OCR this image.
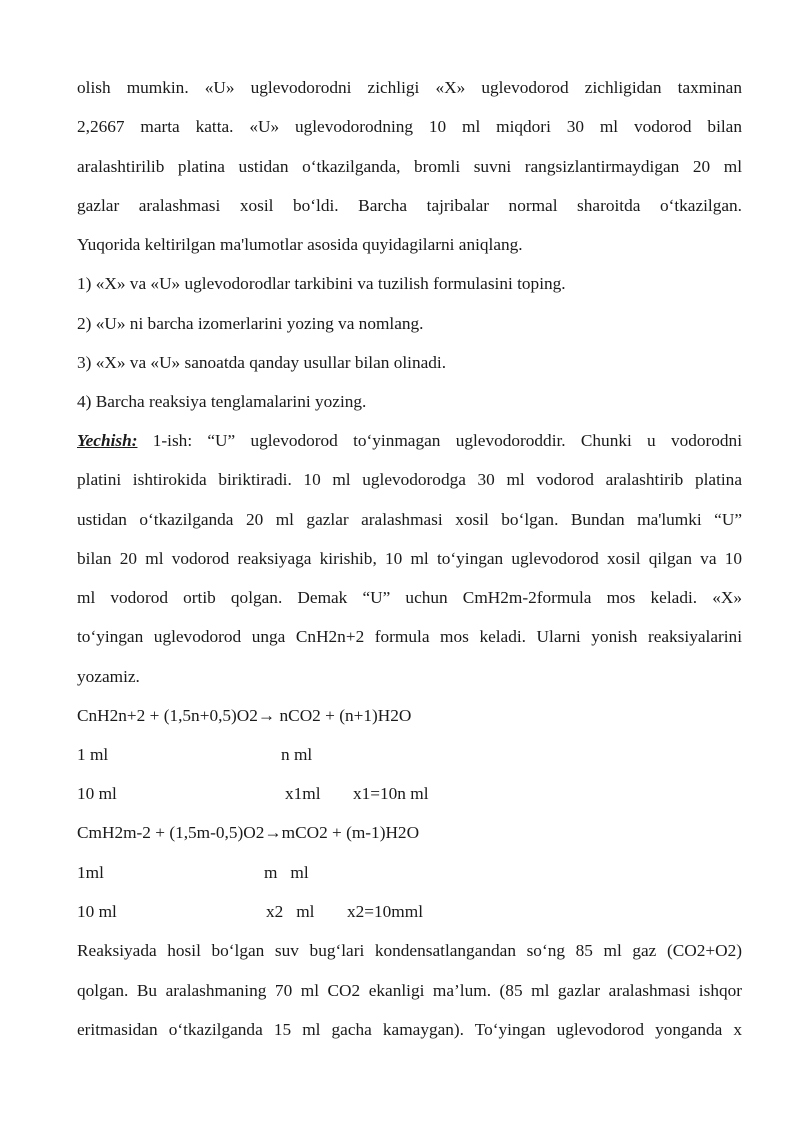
olish mumkin. «U» uglevodorodni zichligi «X» uglevodorod zichligidan taxminan
2,2667 marta katta. «U» uglevodorodning 10 ml miqdori 30 ml vodorod bilan
aralashtirilib platina ustidan o‘tkazilganda, bromli suvni rangsizlantirmaydigan 20 ml
gazlar aralashmasi xosil bo‘ldi. Barcha tajribalar normal sharoitda o‘tkazilgan.
Yuqorida keltirilgan ma'lumotlar asosida quyidagilarni aniqlang.
1) «X» va «U» uglevodorodlar tarkibini va tuzilish formulasini toping.
2) «U» ni barcha izomerlarini yozing va nomlang.
3) «X» va «U» sanoatda qanday usullar bilan olinadi.
4) Barcha reaksiya tenglamalarini yozing.
Yechish: 1-ish: “U” uglevodorod to‘yinmagan uglevodoroddir. Chunki u vodorodni
platini ishtirokida biriktiradi. 10 ml uglevodorodga 30 ml vodorod aralashtirib platina
ustidan o‘tkazilganda 20 ml gazlar aralashmasi xosil bo‘lgan. Bundan ma'lumki “U”
bilan 20 ml vodorod reaksiyaga kirishib, 10 ml to‘yingan uglevodorod xosil qilgan va 10
ml vodorod ortib qolgan. Demak “U” uchun CmH2m-2formula mos keladi. «X»
to‘yingan uglevodorod unga CnH2n+2 formula mos keladi. Ularni yonish reaksiyalarini
yozamiz.
CnH2n+2 + (1,5n+0,5)O2→ nCO2 + (n+1)H2O
1 ml	n ml
10 ml	x1ml x1=10n ml
CmH2m-2 + (1,5m-0,5)O2→mCO2 + (m-1)H2O
1ml	m   ml
10 ml	x2   ml x2=10mml
Reaksiyada hosil bo‘lgan suv bug‘lari kondensatlangandan so‘ng 85 ml gaz (CO2+O2)
qolgan. Bu aralashmaning 70 ml CO2 ekanligi ma’lum. (85 ml gazlar aralashmasi ishqor
eritmasidan o‘tkazilganda 15 ml gacha kamaygan). To‘yingan uglevodorod yonganda x
